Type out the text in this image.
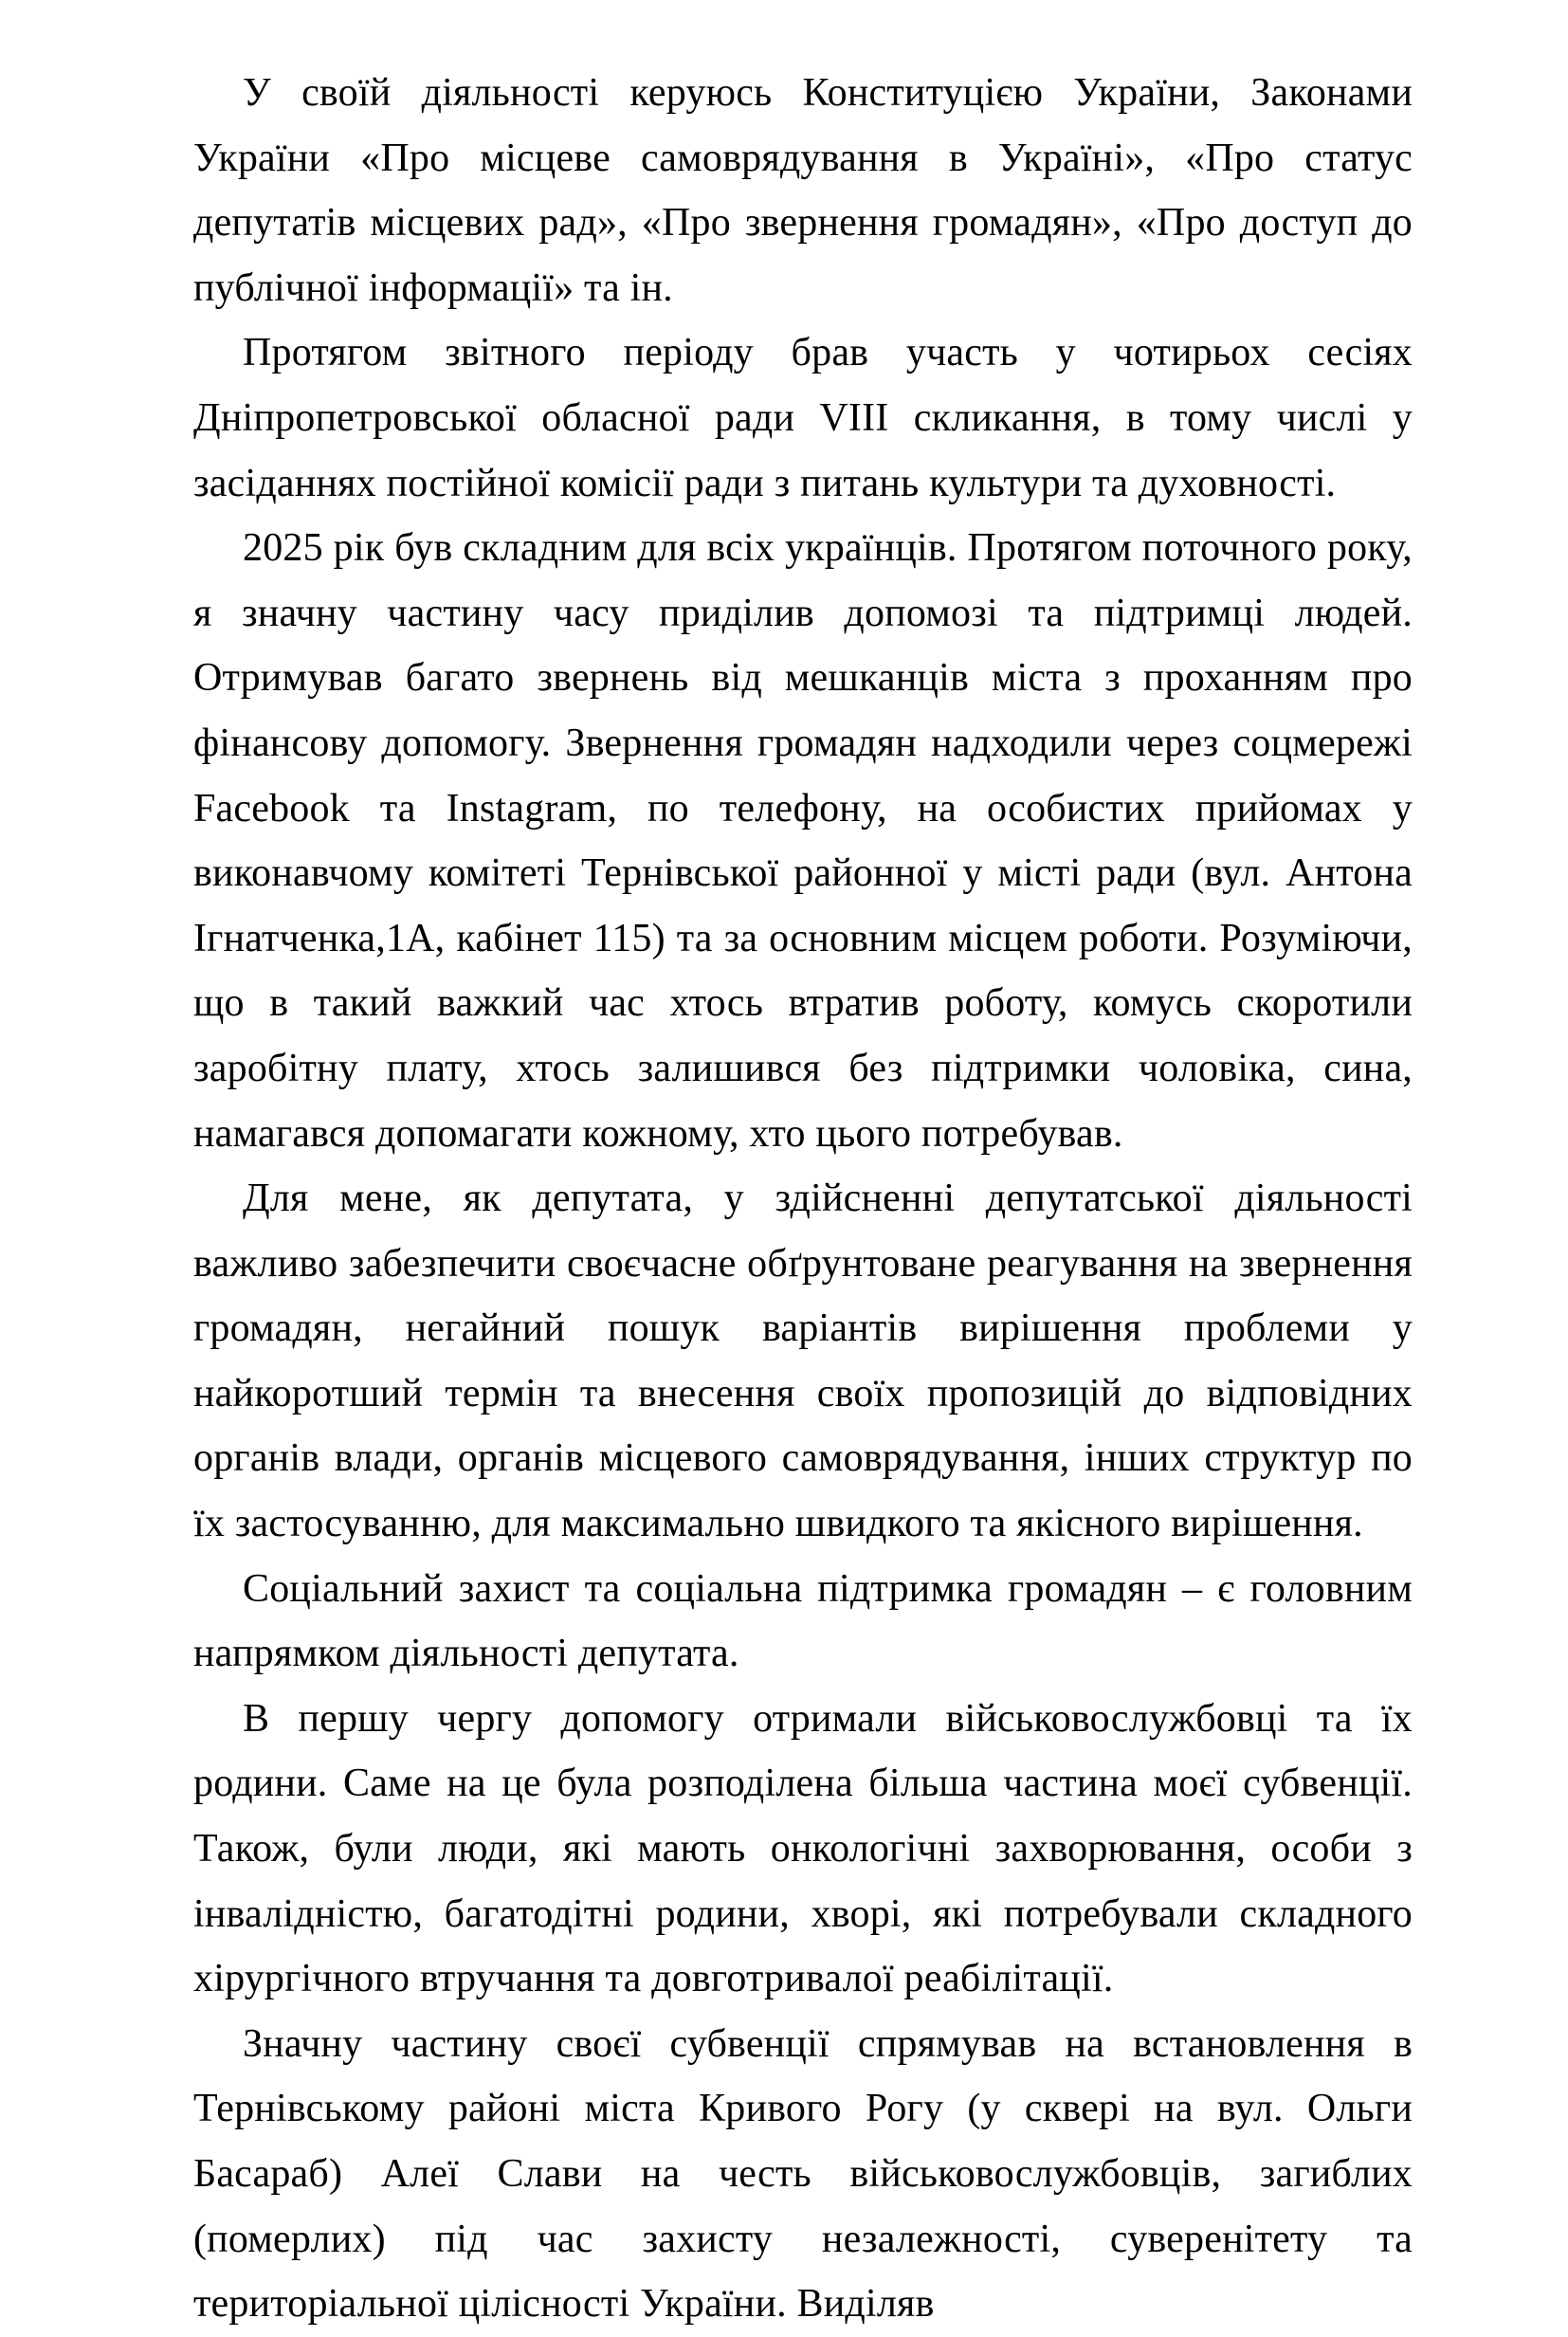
У своїй діяльності керуюсь Конституцією України, Законами України «Про місцеве самоврядування в Україні», «Про статус депутатів місцевих рад», «Про звернення громадян», «Про доступ до публічної інформації» та ін.

Протягом звітного періоду брав участь у чотирьох сесіях Дніпропетровської обласної ради VIII скликання, в тому числі у засіданнях постійної комісії ради з питань культури та духовності.

2025 рік був складним для всіх українців. Протягом поточного року, я значну частину часу приділив допомозі та підтримці людей. Отримував багато звернень від мешканців міста з проханням про фінансову допомогу. Звернення громадян надходили через соцмережі Facebook та Instagram, по телефону, на особистих прийомах у виконавчому комітеті Тернівської районної у місті ради (вул. Антона Ігнатченка,1А, кабінет 115) та за основним місцем роботи. Розуміючи, що в такий важкий час хтось втратив роботу, комусь скоротили заробітну плату, хтось залишився без підтримки чоловіка, сина, намагався допомагати кожному, хто цього потребував.

Для мене, як депутата, у здійсненні депутатської діяльності важливо забезпечити своєчасне обґрунтоване реагування на звернення громадян, негайний пошук варіантів вирішення проблеми у найкоротший термін та внесення своїх пропозицій до відповідних органів влади, органів місцевого самоврядування, інших структур по їх застосуванню, для максимально швидкого та якісного вирішення.

Соціальний захист та соціальна підтримка громадян – є головним напрямком діяльності депутата.

В першу чергу допомогу отримали військовослужбовці та їх родини. Саме на це була розподілена більша частина моєї субвенції. Також, були люди, які мають онкологічні захворювання, особи з інвалідністю, багатодітні родини, хворі, які потребували складного хірургічного втручання та довготривалої реабілітації.

Значну частину своєї субвенції спрямував на встановлення в Тернівському районі міста Кривого Рогу (у сквері на вул. Ольги Басараб) Алеї Слави на честь військовослужбовців, загиблих (померлих) під час захисту незалежності, суверенітету та територіальної цілісності України. Виділяв
